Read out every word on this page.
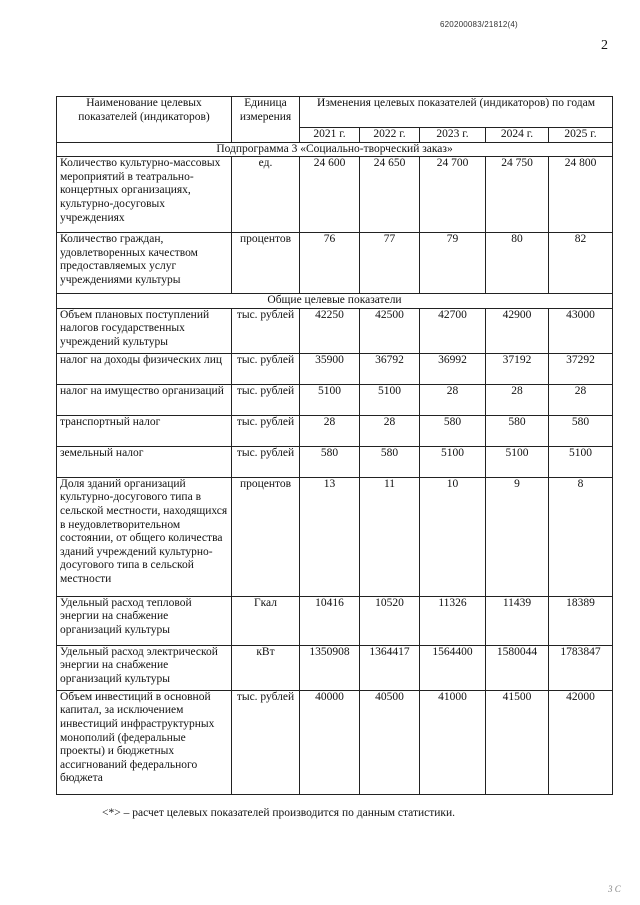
620200083/21812(4)
2
Наименование целевых показателей (индикаторов)	Единица измерения	Изменения целевых показателей (индикаторов) по годам				
		2021 г.	2022 г.	2023 г.	2024 г.	2025 г.
Подпрограмма 3 «Социально-творческий заказ»						
Количество культурно-массовых мероприятий в театрально-концертных организациях, культурно-досуговых учреждениях	ед.	24 600	24 650	24 700	24 750	24 800
Количество граждан, удовлетворенных качеством предоставляемых услуг учреждениями культуры	процентов	76	77	79	80	82
Общие целевые показатели						
Объем плановых поступлений налогов государственных учреждений культуры	тыс. рублей	42250	42500	42700	42900	43000
налог на доходы физических лиц	тыс. рублей	35900	36792	36992	37192	37292
налог на имущество организаций	тыс. рублей	5100	5100	28	28	28
транспортный налог	тыс. рублей	28	28	580	580	580
земельный налог	тыс. рублей	580	580	5100	5100	5100
Доля зданий организаций культурно-досугового типа в сельской местности, находящихся в неудовлетворительном состоянии, от общего количества зданий учреждений культурно-досугового типа в сельской местности	процентов	13	11	10	9	8
Удельный расход тепловой энергии на снабжение организаций культуры	Гкал	10416	10520	11326	11439	18389
Удельный расход электрической энергии на снабжение организаций культуры	кВт	1350908	1364417	1564400	1580044	1783847
Объем инвестиций в основной капитал, за исключением инвестиций инфраструктурных монополий (федеральные проекты) и бюджетных ассигнований федерального бюджета	тыс. рублей	40000	40500	41000	41500	42000
<*> – расчет целевых показателей производится по данным статистики.
3 С
